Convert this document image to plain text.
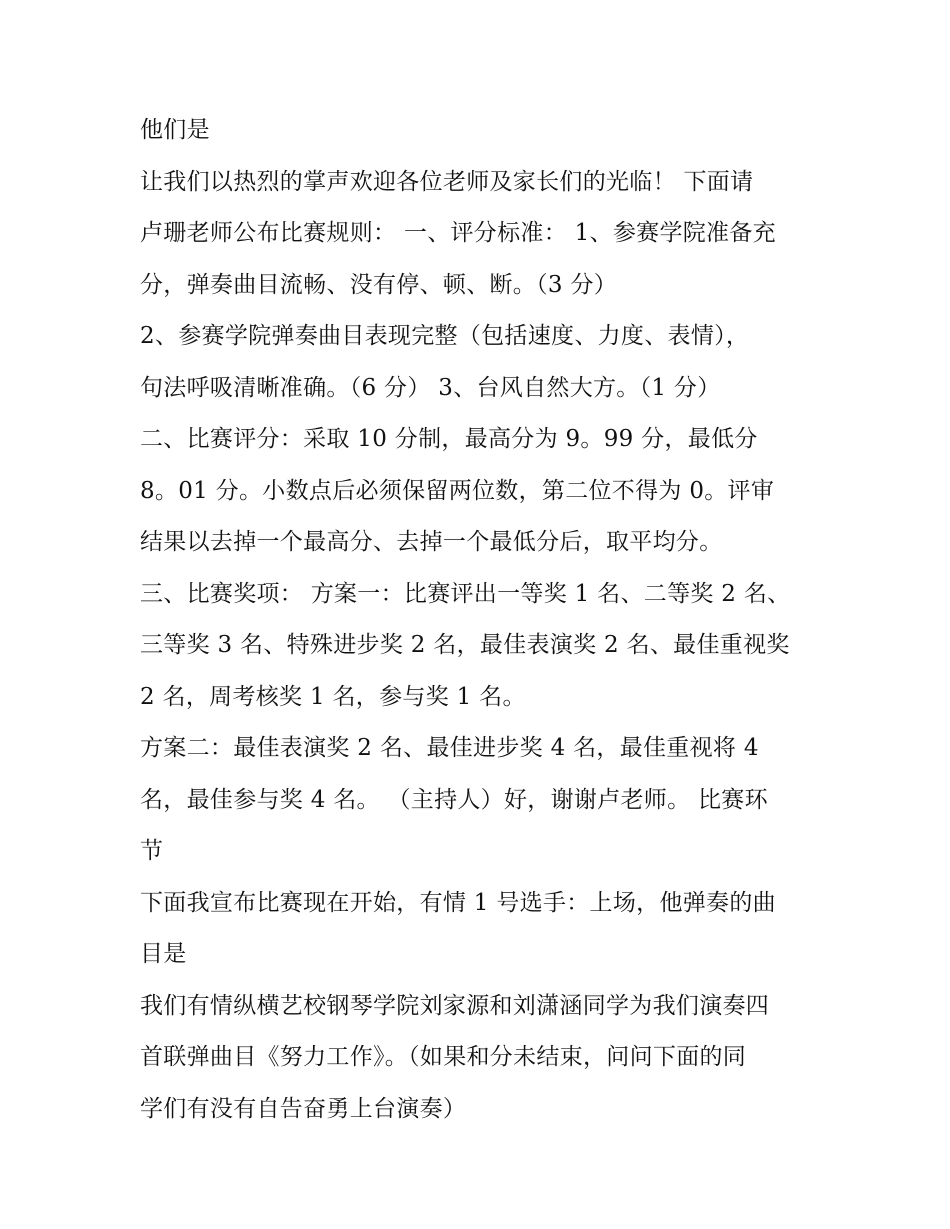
他们是
让我们以热烈的掌声欢迎各位老师及家长们的光临！ 下面请
卢珊老师公布比赛规则： 一、评分标准： 1、参赛学院准备充
分，弹奏曲目流畅、没有停、顿、断。（3 分）
2、参赛学院弹奏曲目表现完整（包括速度、力度、表情），
句法呼吸清晰准确。（6 分） 3、台风自然大方。（1 分）
二、比赛评分：采取 10 分制，最高分为 9。99 分，最低分
8。01 分。小数点后必须保留两位数，第二位不得为 0。评审
结果以去掉一个最高分、去掉一个最低分后，取平均分。
三、比赛奖项： 方案一：比赛评出一等奖 1 名、二等奖 2 名、
三等奖 3 名、特殊进步奖 2 名，最佳表演奖 2 名、最佳重视奖
2 名，周考核奖 1 名，参与奖 1 名。
方案二：最佳表演奖 2 名、最佳进步奖 4 名，最佳重视将 4
名，最佳参与奖 4 名。 （主持人）好，谢谢卢老师。 比赛环
节
下面我宣布比赛现在开始，有情 1 号选手：上场，他弹奏的曲
目是
我们有情纵横艺校钢琴学院刘家源和刘潇涵同学为我们演奏四
首联弹曲目《努力工作》。（如果和分未结束，问问下面的同
学们有没有自告奋勇上台演奏）
